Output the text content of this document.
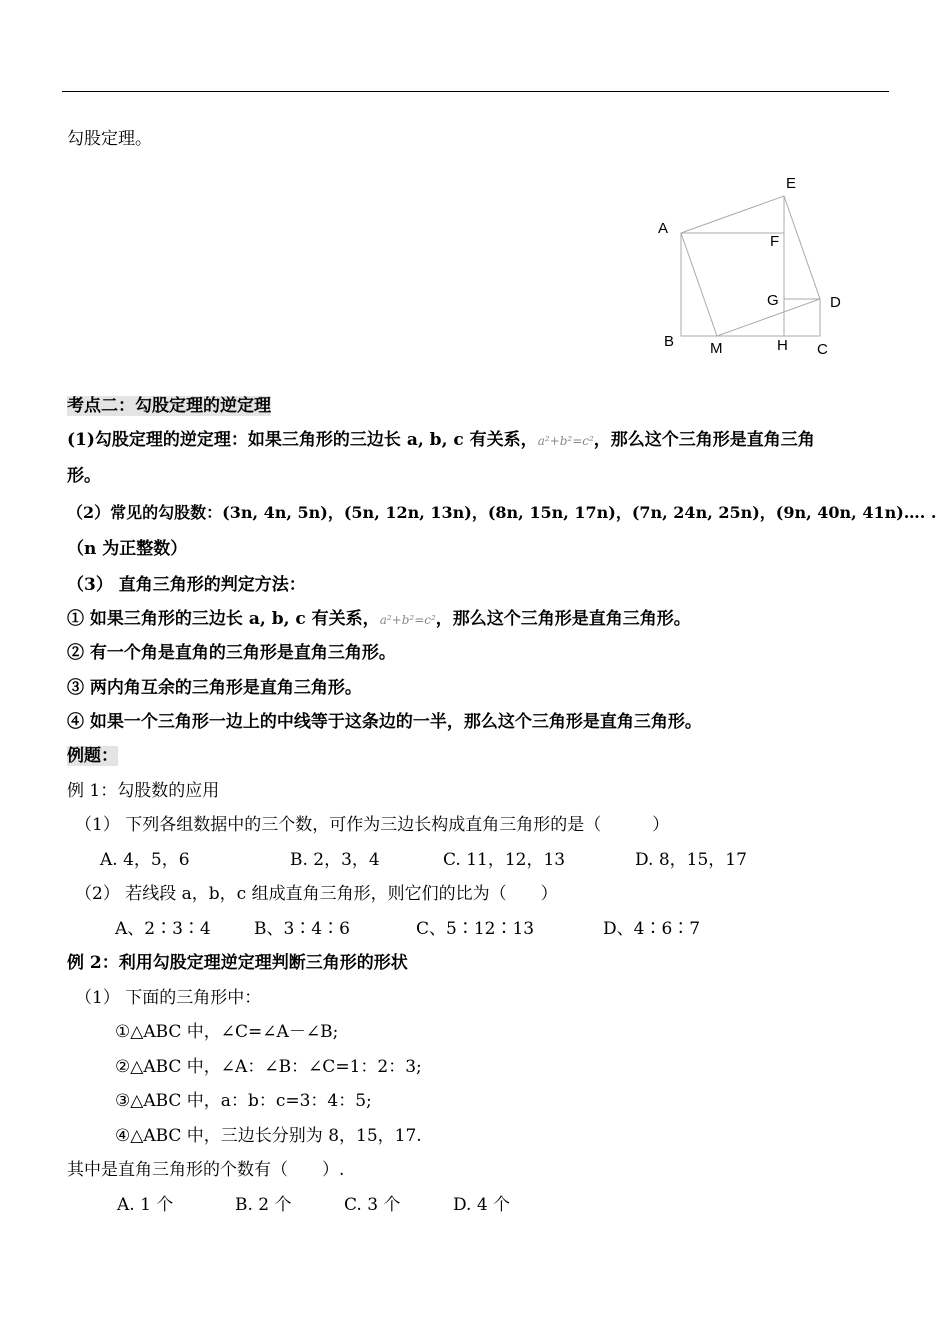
勾股定理。
A
B	C
D
E
F
G
H
M
考点二：勾股定理的逆定理
(1)勾股定理的逆定理：如果三角形的三边长 a, b, c 有关系，a²+b²=c²，那么这个三角形是直角三角
形。
（2）常见的勾股数：(3n, 4n, 5n)，(5n, 12n, 13n)，(8n, 15n, 17n)，(7n, 24n, 25n)，(9n, 40n, 41n)…. .
（n 为正整数）
（3） 直角三角形的判定方法：
① 如果三角形的三边长 a, b, c 有关系，a²+b²=c²，那么这个三角形是直角三角形。
② 有一个角是直角的三角形是直角三角形。
③ 两内角互余的三角形是直角三角形。
④ 如果一个三角形一边上的中线等于这条边的一半，那么这个三角形是直角三角形。
例题：
例 1：勾股数的应用
（1） 下列各组数据中的三个数，可作为三边长构成直角三角形的是（　　　）
A. 4，5，6	B. 2，3，4	C. 11，12，13	D. 8，15，17
（2） 若线段 a，b，c 组成直角三角形，则它们的比为（　　）
A、2∶3∶4	B、3∶4∶6	C、5∶12∶13	D、4∶6∶7
例 2：利用勾股定理逆定理判断三角形的形状
（1） 下面的三角形中：
①△ABC 中，∠C=∠A－∠B;
②△ABC 中，∠A：∠B：∠C=1：2：3;
③△ABC 中，a：b：c=3：4：5;
④△ABC 中，三边长分别为 8，15，17.
其中是直角三角形的个数有（　　）.
A. 1 个	B. 2 个	C. 3 个	D. 4 个
